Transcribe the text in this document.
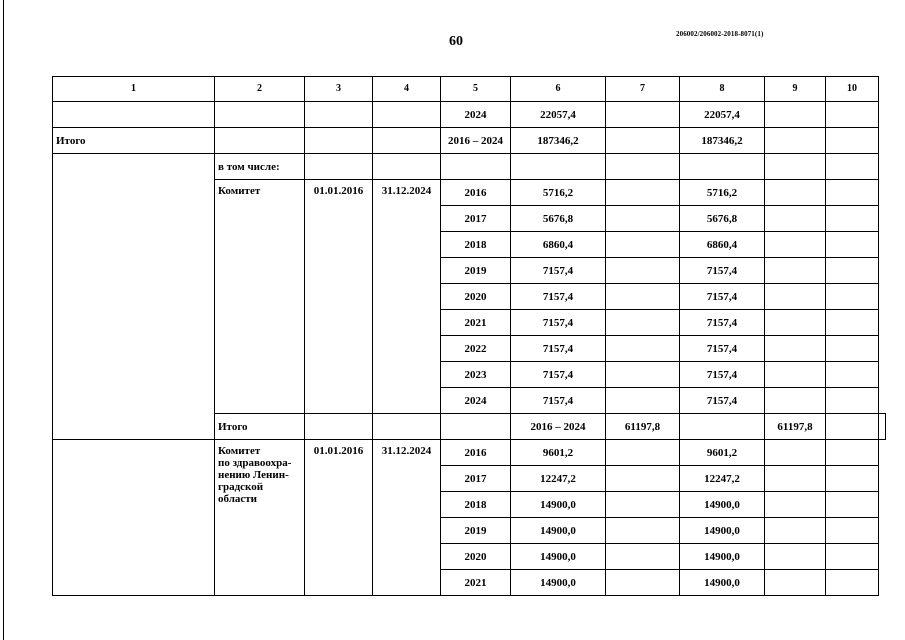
60	206002/206002-2018-8071(1)
1	2	3	4	5	6	7	8	9	10	
				2024	22057,4		22057,4			
Итого				2016 – 2024	187346,2		187346,2			
	в том числе:									
	Комитет	01.01.2016	31.12.2024	2016	5716,2		5716,2			
				2017	5676,8		5676,8			
				2018	6860,4		6860,4			
				2019	7157,4		7157,4			
				2020	7157,4		7157,4			
				2021	7157,4		7157,4			
				2022	7157,4		7157,4			
				2023	7157,4		7157,4			
				2024	7157,4		7157,4			
	Итого				2016 – 2024	61197,8		61197,8		

	Комитет
по здравоохра-
нению Ленин-
градской
области	01.01.2016	31.12.2024	2016	9601,2		9601,2			
				2017	12247,2		12247,2			
				2018	14900,0		14900,0			
				2019	14900,0		14900,0			
				2020	14900,0		14900,0			
				2021	14900,0		14900,0			
